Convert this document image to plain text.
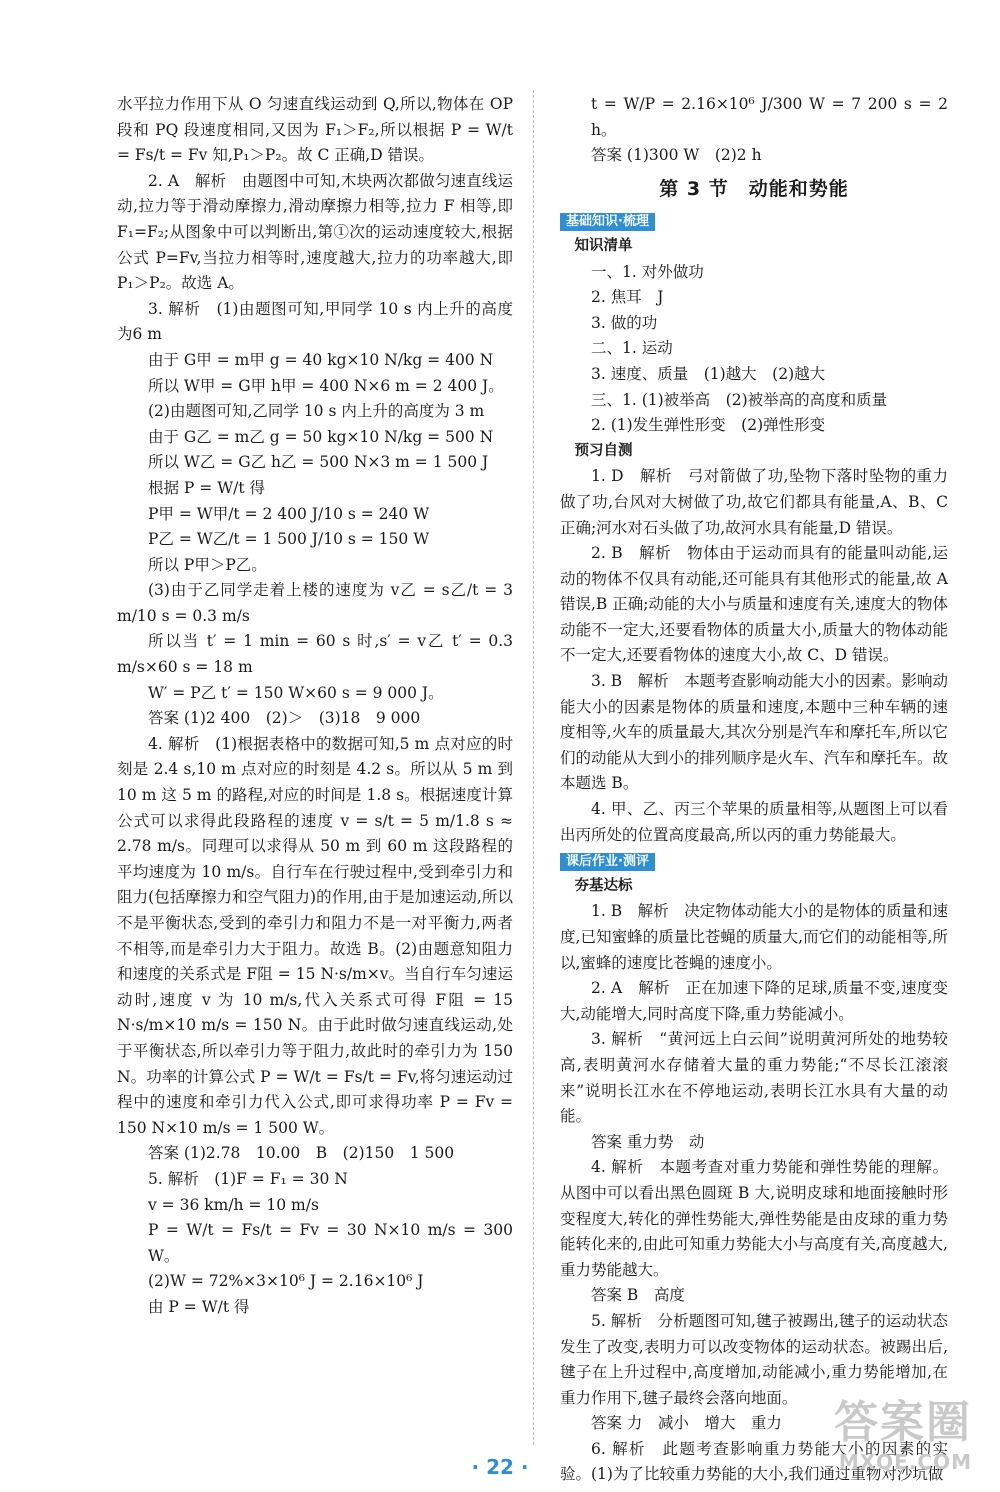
水平拉力作用下从 O 匀速直线运动到 Q,所以,物体在 OP 段和 PQ 段速度相同,又因为 F₁＞F₂,所以根据 P = W/t = Fs/t = Fv 知,P₁＞P₂。故 C 正确,D 错误。

2. A　解析　由题图中可知,木块两次都做匀速直线运动,拉力等于滑动摩擦力,滑动摩擦力相等,拉力 F 相等,即 F₁=F₂;从图象中可以判断出,第①次的运动速度较大,根据公式 P=Fv,当拉力相等时,速度越大,拉力的功率越大,即 P₁＞P₂。故选 A。

3. 解析　(1)由题图可知,甲同学 10 s 内上升的高度为6 m

由于 G甲 = m甲 g = 40 kg×10 N/kg = 400 N

所以 W甲 = G甲 h甲 = 400 N×6 m = 2 400 J。

(2)由题图可知,乙同学 10 s 内上升的高度为 3 m

由于 G乙 = m乙 g = 50 kg×10 N/kg = 500 N

所以 W乙 = G乙 h乙 = 500 N×3 m = 1 500 J

根据 P = W/t 得

P甲 = W甲/t = 2 400 J/10 s = 240 W

P乙 = W乙/t = 1 500 J/10 s = 150 W

所以 P甲＞P乙。

(3)由于乙同学走着上楼的速度为 v乙 = s乙/t = 3 m/10 s = 0.3 m/s

所以当 t′ = 1 min = 60 s 时,s′ = v乙 t′ = 0.3 m/s×60 s = 18 m

W′ = P乙 t′ = 150 W×60 s = 9 000 J。

答案 (1)2 400　(2)＞　(3)18　9 000

4. 解析　(1)根据表格中的数据可知,5 m 点对应的时刻是 2.4 s,10 m 点对应的时刻是 4.2 s。所以从 5 m 到 10 m 这 5 m 的路程,对应的时间是 1.8 s。根据速度计算公式可以求得此段路程的速度 v = s/t = 5 m/1.8 s ≈ 2.78 m/s。同理可以求得从 50 m 到 60 m 这段路程的平均速度为 10 m/s。自行车在行驶过程中,受到牵引力和阻力(包括摩擦力和空气阻力)的作用,由于是加速运动,所以不是平衡状态,受到的牵引力和阻力不是一对平衡力,两者不相等,而是牵引力大于阻力。故选 B。(2)由题意知阻力和速度的关系式是 F阻 = 15 N·s/m×v。当自行车匀速运动时,速度 v 为 10 m/s,代入关系式可得 F阻 = 15 N·s/m×10 m/s = 150 N。由于此时做匀速直线运动,处于平衡状态,所以牵引力等于阻力,故此时的牵引力为 150 N。功率的计算公式 P = W/t = Fs/t = Fv,将匀速运动过程中的速度和牵引力代入公式,即可求得功率 P = Fv = 150 N×10 m/s = 1 500 W。

答案 (1)2.78　10.00　B　(2)150　1 500

5. 解析　(1)F = F₁ = 30 N

v = 36 km/h = 10 m/s

P = W/t = Fs/t = Fv = 30 N×10 m/s = 300 W。

(2)W = 72%×3×10⁶ J = 2.16×10⁶ J

由 P = W/t 得

t = W/P = 2.16×10⁶ J/300 W = 7 200 s = 2 h。

答案 (1)300 W　(2)2 h

第 3 节　动能和势能
基础知识·梳理

知识清单

一、1. 对外做功

2. 焦耳　J

3. 做的功

二、1. 运动

3. 速度、质量　(1)越大　(2)越大

三、1. (1)被举高　(2)被举高的高度和质量

2. (1)发生弹性形变　(2)弹性形变

预习自测

1. D　解析　弓对箭做了功,坠物下落时坠物的重力做了功,台风对大树做了功,故它们都具有能量,A、B、C 正确;河水对石头做了功,故河水具有能量,D 错误。

2. B　解析　物体由于运动而具有的能量叫动能,运动的物体不仅具有动能,还可能具有其他形式的能量,故 A 错误,B 正确;动能的大小与质量和速度有关,速度大的物体动能不一定大,还要看物体的质量大小,质量大的物体动能不一定大,还要看物体的速度大小,故 C、D 错误。

3. B　解析　本题考查影响动能大小的因素。影响动能大小的因素是物体的质量和速度,本题中三种车辆的速度相等,火车的质量最大,其次分别是汽车和摩托车,所以它们的动能从大到小的排列顺序是火车、汽车和摩托车。故本题选 B。

4. 甲、乙、丙三个苹果的质量相等,从题图上可以看出丙所处的位置高度最高,所以丙的重力势能最大。

课后作业·测评

夯基达标

1. B　解析　决定物体动能大小的是物体的质量和速度,已知蜜蜂的质量比苍蝇的质量大,而它们的动能相等,所以,蜜蜂的速度比苍蝇的速度小。

2. A　解析　正在加速下降的足球,质量不变,速度变大,动能增大,同时高度下降,重力势能减小。

3. 解析　“黄河远上白云间”说明黄河所处的地势较高,表明黄河水存储着大量的重力势能;“不尽长江滚滚来”说明长江水在不停地运动,表明长江水具有大量的动能。

答案 重力势　动

4. 解析　本题考查对重力势能和弹性势能的理解。从图中可以看出黑色圆斑 B 大,说明皮球和地面接触时形变程度大,转化的弹性势能大,弹性势能是由皮球的重力势能转化来的,由此可知重力势能大小与高度有关,高度越大,重力势能越大。

答案 B　高度

5. 解析　分析题图可知,毽子被踢出,毽子的运动状态发生了改变,表明力可以改变物体的运动状态。被踢出后,毽子在上升过程中,高度增加,动能减小,重力势能增加,在重力作用下,毽子最终会落向地面。

答案 力　减小　增大　重力

6. 解析　此题考查影响重力势能大小的因素的实验。(1)为了比较重力势能的大小,我们通过重物对沙坑做

· 22 ·
答案圈
MXQE.COM
